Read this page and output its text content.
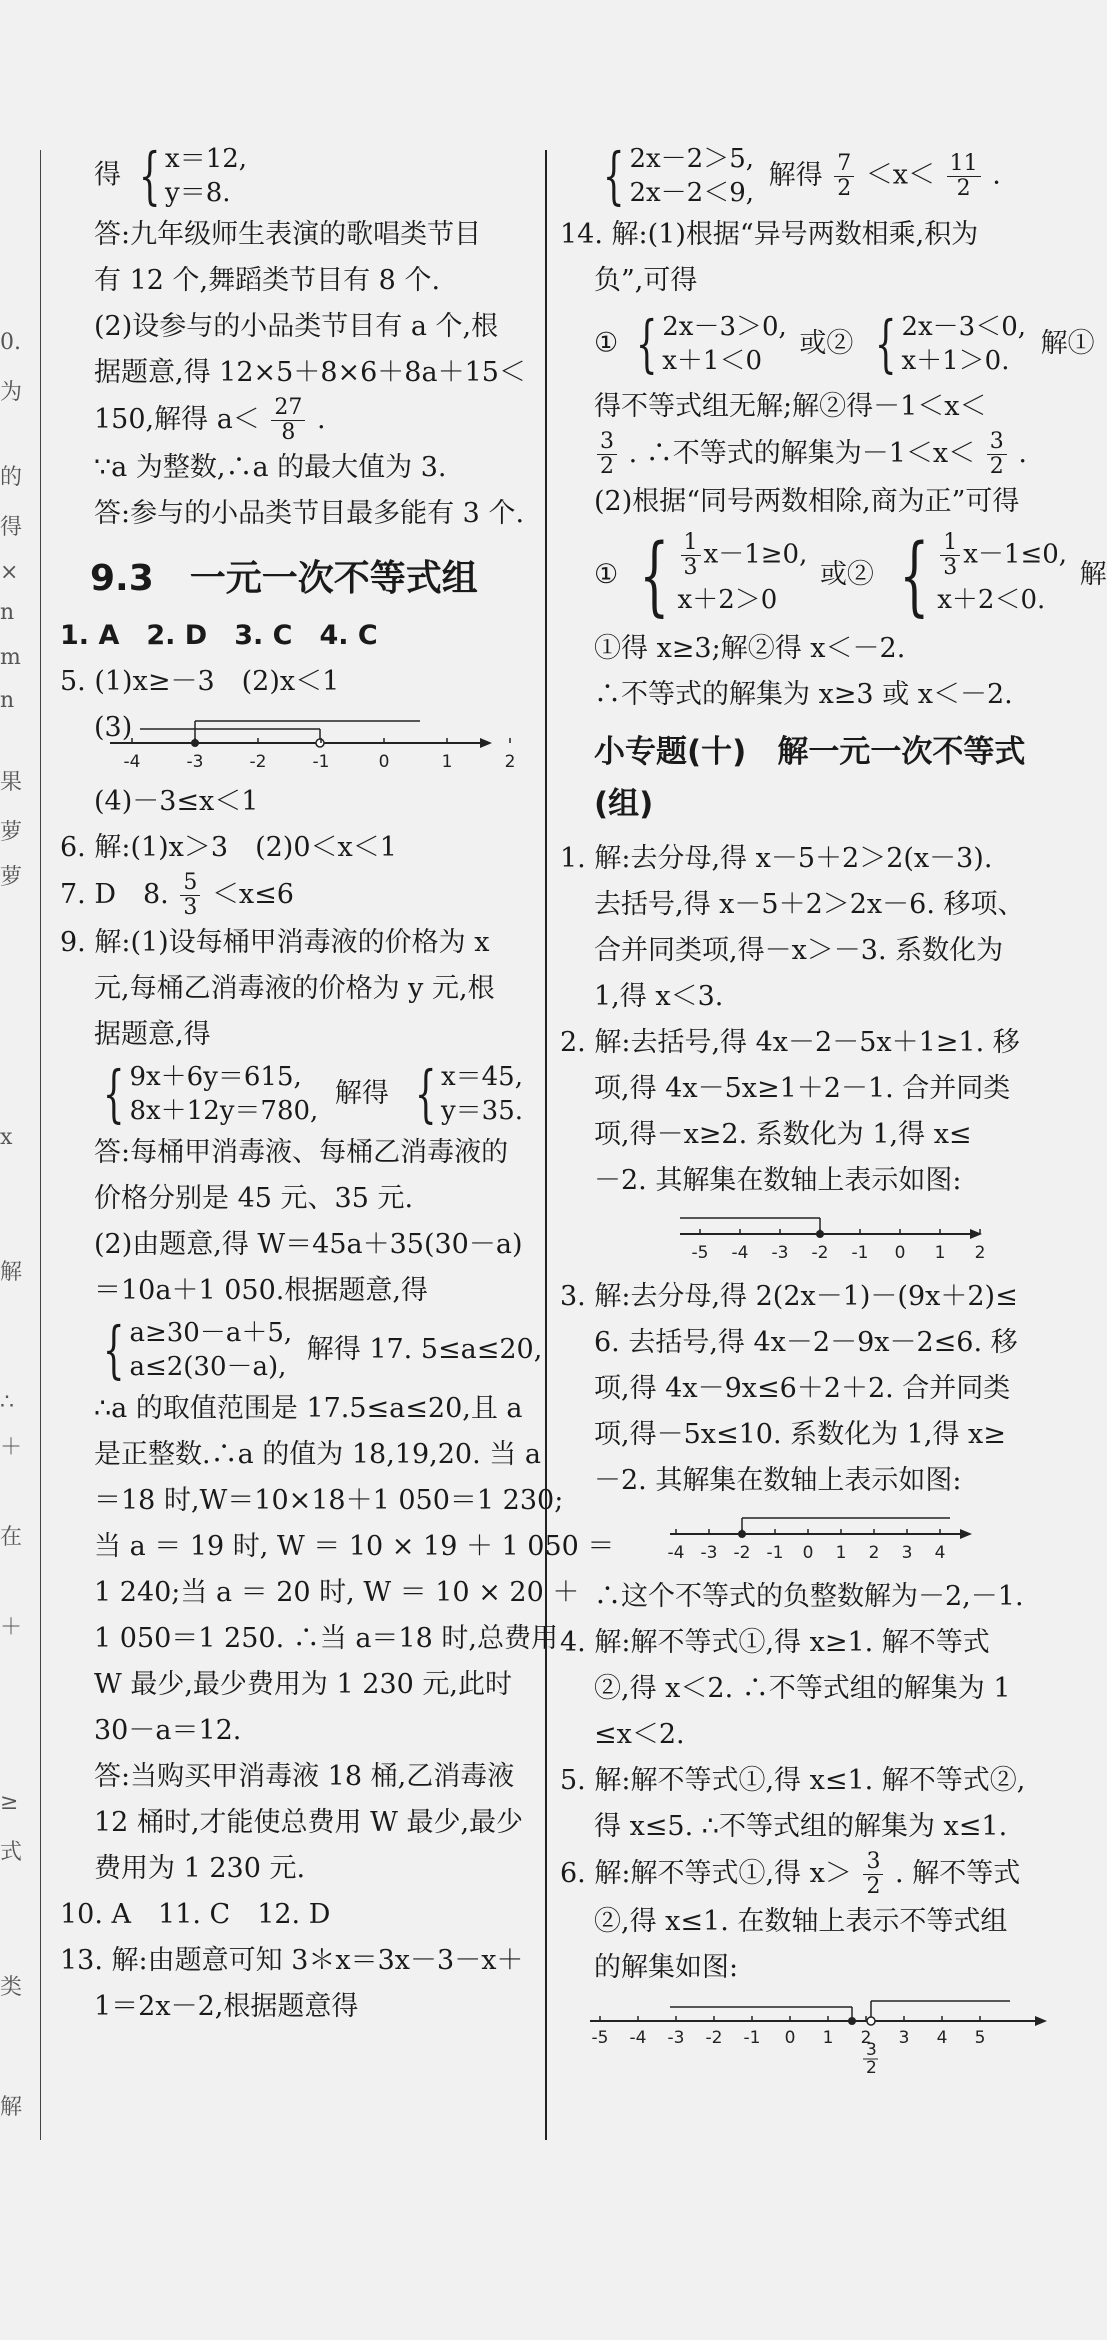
0.
为
的
得
×
n
m
n
果
萝
萝
x
解
∴
＋
在
＋
≥
式
类
解
得 { x＝12,
y＝8.
答:九年级师生表演的歌唱类节目
有 12 个,舞蹈类节目有 8 个.
(2)设参与的小品类节目有 a 个,根
据题意,得 12×5＋8×6＋8a＋15＜
150,解得 $a< \frac{27}{8}$ .
∵a 为整数,∴a 的最大值为 3.
答:参与的小品类节目最多能有 3 个.
9.3　一元一次不等式组
1. A　2. D　3. C　4. C
5. (1)x≥－3　(2)x＜1
(3)
-4	-3	-2	-1	0	1	2
(4)－3≤x＜1
6. 解:(1)x＞3　(2)0＜x＜1
7. D　8. $\frac{5}{3} <x\le 6$
9. 解:(1)设每桶甲消毒液的价格为 x
元,每桶乙消毒液的价格为 y 元,根
据题意,得
{ 9x＋6y＝615,
8x＋12y＝780,
解得 { x＝45,
y＝35.
答:每桶甲消毒液、每桶乙消毒液的
价格分别是 45 元、35 元.
(2)由题意,得 W＝45a＋35(30－a)
＝10a＋1 050.根据题意,得
{ a≥30－a＋5,
a≤2(30－a),
解得 17. 5≤a≤20,
∴a 的取值范围是 17.5≤a≤20,且 a
是正整数.∴a 的值为 18,19,20. 当 a
＝18 时,W＝10×18＋1 050＝1 230;
当 a ＝ 19 时, W ＝ 10 × 19 ＋ 1 050 ＝
1 240;当 a ＝ 20 时, W ＝ 10 × 20 ＋
1 050＝1 250. ∴当 a＝18 时,总费用
W 最少,最少费用为 1 230 元,此时
30－a＝12.
答:当购买甲消毒液 18 桶,乙消毒液
12 桶时,才能使总费用 W 最少,最少
费用为 1 230 元.
10. A　11. C　12. D
13. 解:由题意可知 3＊x＝3x－3－x＋
1＝2x－2,根据题意得
{ 2x－2＞5,
2x－2＜9,
解得 $\frac{7}{2} <x< \frac{11}{2}$ .
14. 解:(1)根据“异号两数相乘,积为
负”,可得
① { 2x－3＞0,
x＋1＜0
或② { 2x－3＜0,
x＋1＞0.
解①
得不等式组无解;解②得－1＜x＜
$\frac{3}{2}$ . ∴不等式的解集为$-1<x< \frac{3}{2}$ .
(2)根据“同号两数相除,商为正”可得
① { $\frac{1}{3} x-1\ge 0$,
x＋2＞0
或② { $\frac{1}{3} x-1\le 0$,
x＋2＜0.
解
①得 x≥3;解②得 x＜－2.
∴不等式的解集为 x≥3 或 x＜－2.
小专题(十)　解一元一次不等式(组)
1. 解:去分母,得 x－5＋2＞2(x－3).
去括号,得 x－5＋2＞2x－6. 移项、
合并同类项,得－x＞－3. 系数化为
1,得 x＜3.
2. 解:去括号,得 4x－2－5x＋1≥1. 移
项,得 4x－5x≥1＋2－1. 合并同类
项,得－x≥2. 系数化为 1,得 x≤
－2. 其解集在数轴上表示如图:
-5 -4 -3 -2 -1 0 1 2
3. 解:去分母,得 2(2x－1)－(9x＋2)≤
6. 去括号,得 4x－2－9x－2≤6. 移
项,得 4x－9x≤6＋2＋2. 合并同类
项,得－5x≤10. 系数化为 1,得 x≥
－2. 其解集在数轴上表示如图:
-4 -3 -2 -1 0 1 2 3 4
∴这个不等式的负整数解为－2,－1.
4. 解:解不等式①,得 x≥1. 解不等式
②,得 x＜2. ∴不等式组的解集为 1
≤x＜2.
5. 解:解不等式①,得 x≤1. 解不等式②,
得 x≤5. ∴不等式组的解集为 x≤1.
6. 解:解不等式①,得 $x> \frac{3}{2}$ . 解不等式
②,得 x≤1. 在数轴上表示不等式组
的解集如图:
-5 -4 -3 -2 -1 0 1 2 3 4 5
3
2
